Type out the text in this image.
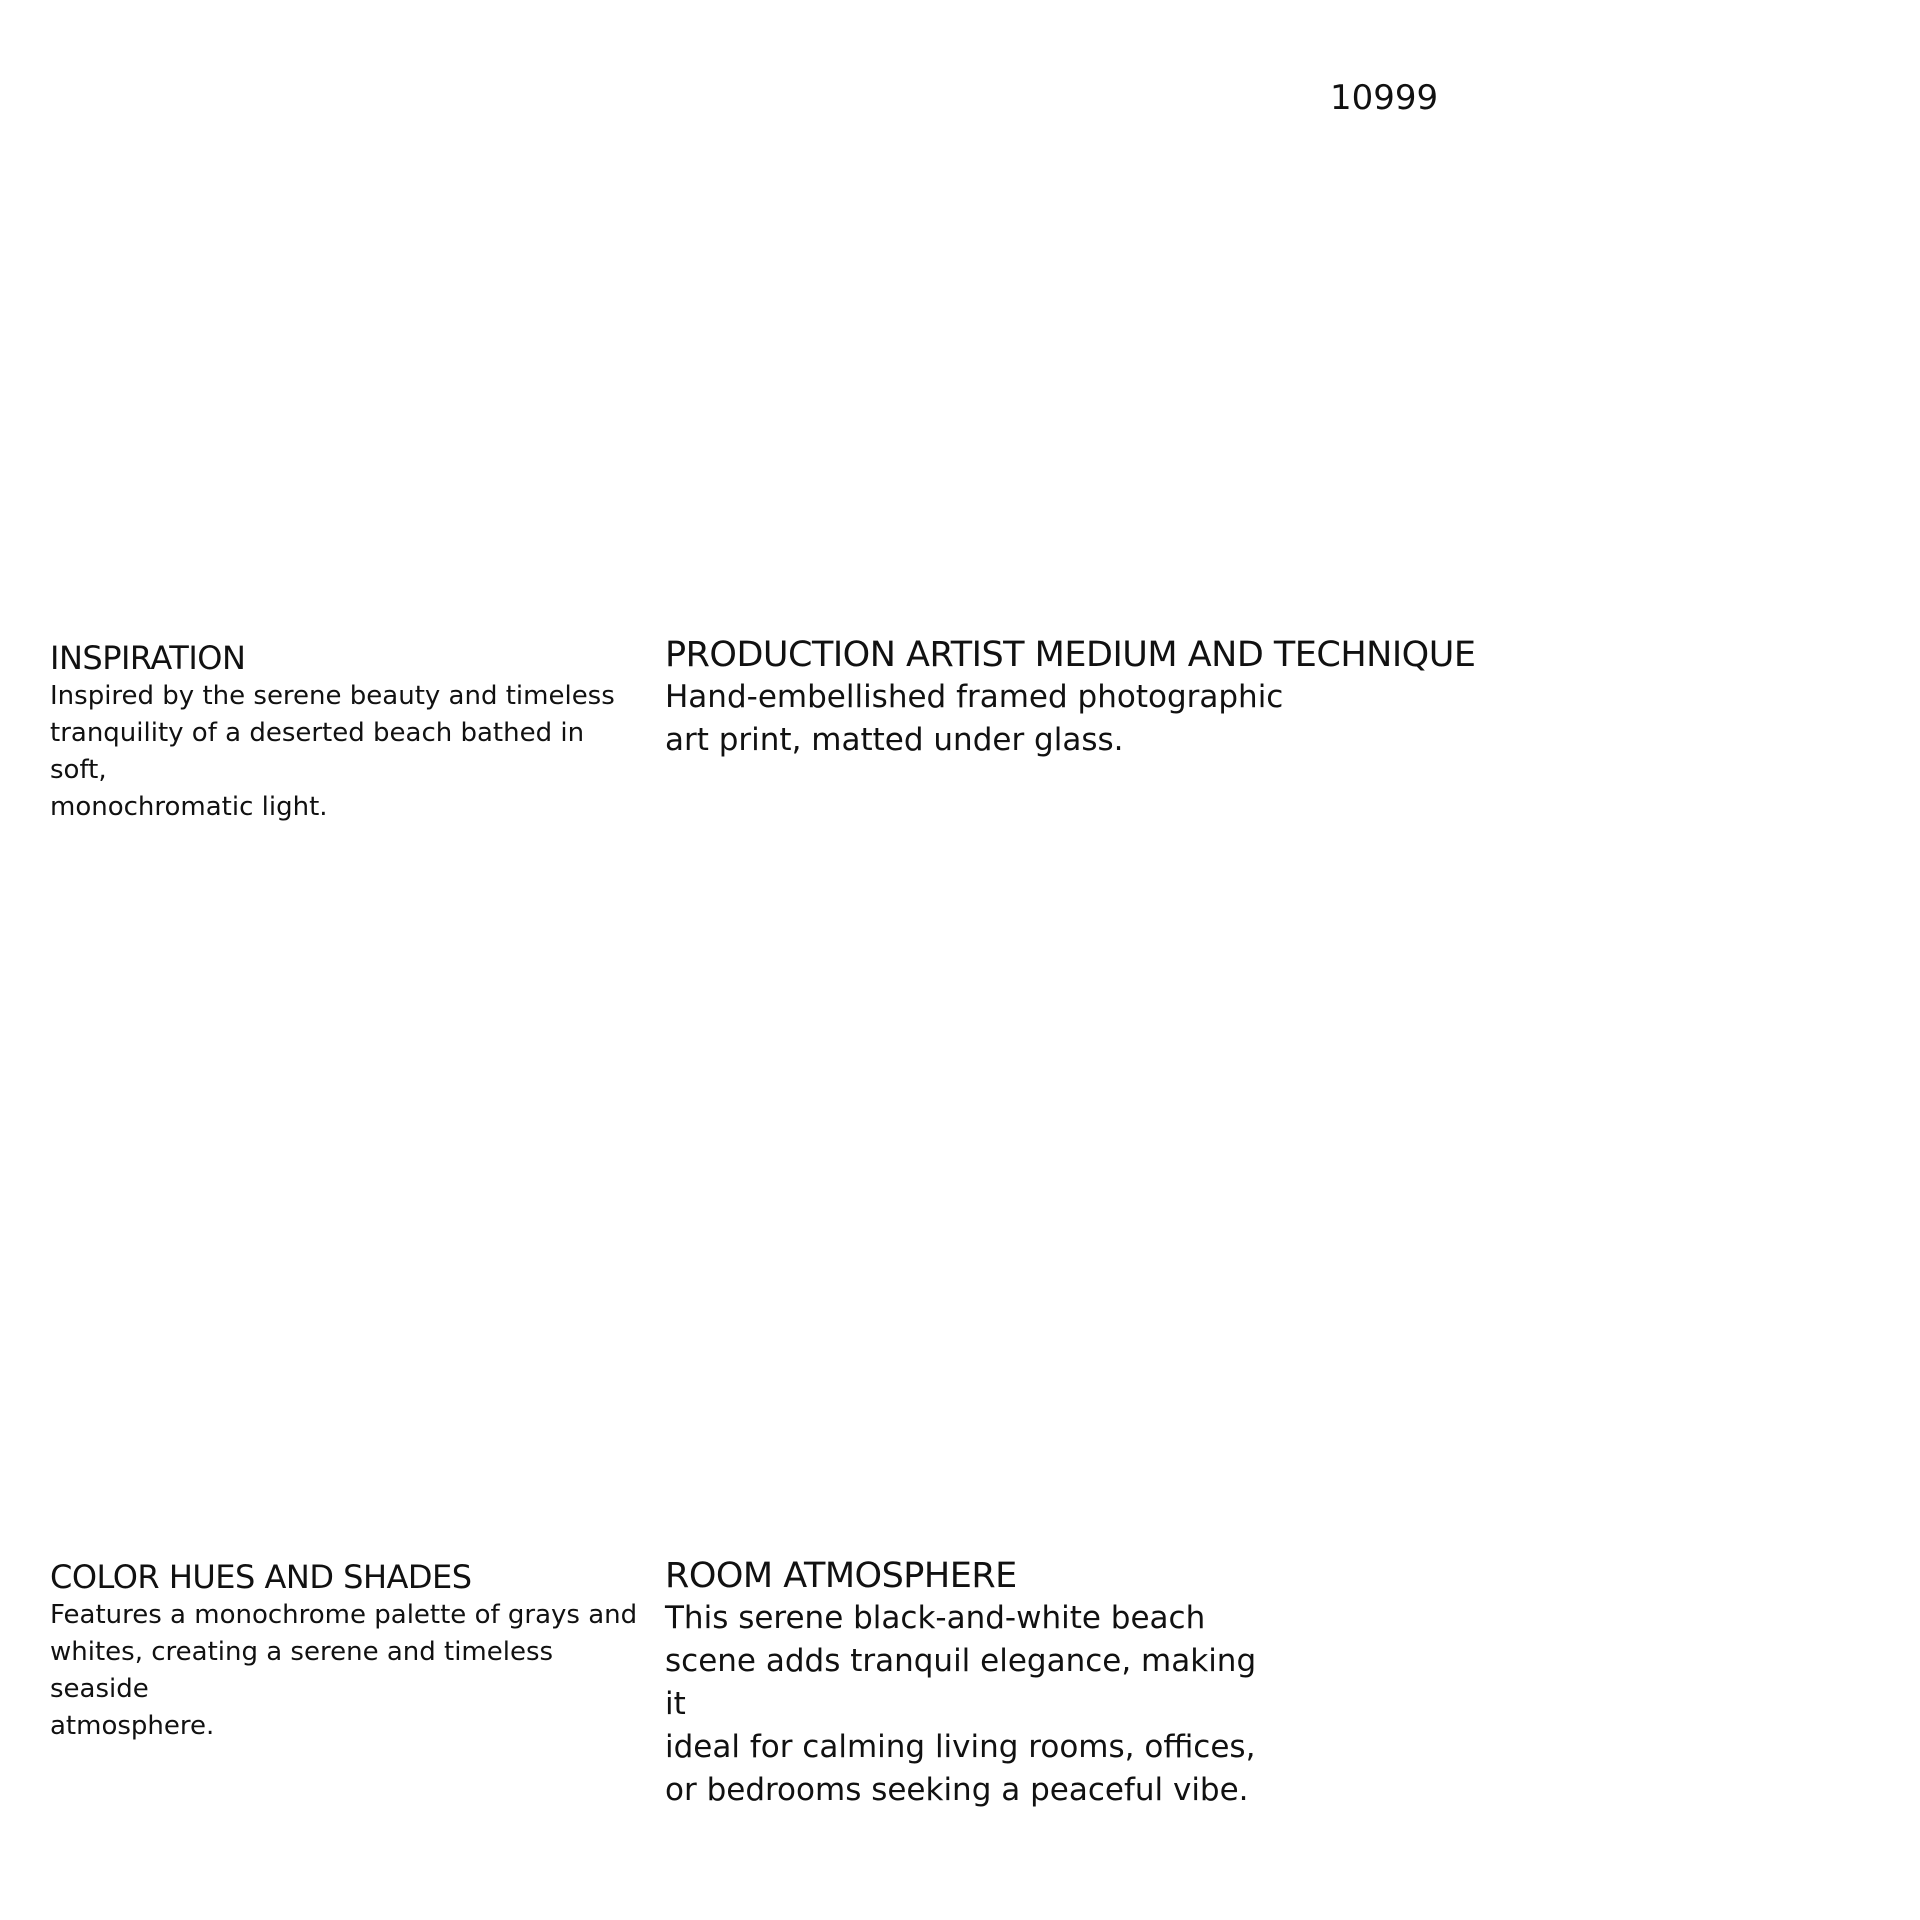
10999
INSPIRATION

Inspired by the serene beauty and timeless
tranquility of a deserted beach bathed in soft,
monochromatic light.

PRODUCTION ARTIST MEDIUM AND TECHNIQUE

Hand-embellished framed photographic
art print, matted under glass.

COLOR HUES AND SHADES

Features a monochrome palette of grays and
whites, creating a serene and timeless seaside
atmosphere.

ROOM ATMOSPHERE

This serene black-and-white beach
scene adds tranquil elegance, making it
ideal for calming living rooms, offices,
or bedrooms seeking a peaceful vibe.
